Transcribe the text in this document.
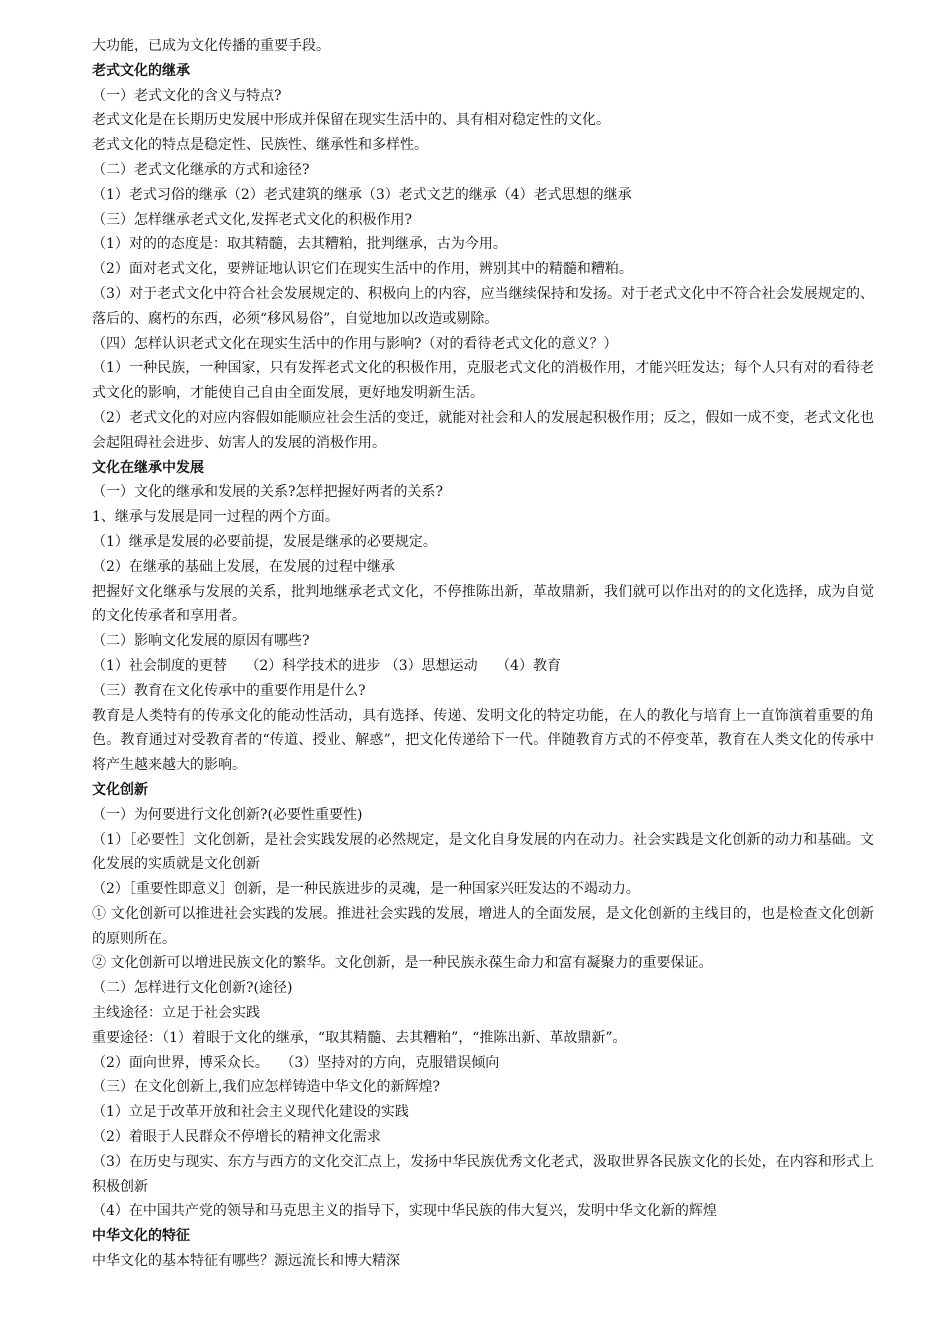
大功能，已成为文化传播的重要手段。

老式文化的继承

（一）老式文化的含义与特点?

老式文化是在长期历史发展中形成并保留在现实生活中的、具有相对稳定性的文化。

老式文化的特点是稳定性、民族性、继承性和多样性。

（二）老式文化继承的方式和途径?

（1）老式习俗的继承（2）老式建筑的继承（3）老式文艺的继承（4）老式思想的继承

（三）怎样继承老式文化,发挥老式文化的积极作用?

（1）对的的态度是：取其精髓，去其糟粕，批判继承，古为今用。

（2）面对老式文化，要辨证地认识它们在现实生活中的作用，辨别其中的精髓和糟粕。

（3）对于老式文化中符合社会发展规定的、积极向上的内容，应当继续保持和发扬。对于老式文化中不符合社会发展规定的、落后的、腐朽的东西，必须“移风易俗”，自觉地加以改造或剔除。

（四）怎样认识老式文化在现实生活中的作用与影响?（对的看待老式文化的意义？）

（1）一种民族，一种国家，只有发挥老式文化的积极作用，克服老式文化的消极作用，才能兴旺发达；每个人只有对的看待老式文化的影响，才能使自己自由全面发展，更好地发明新生活。

（2）老式文化的对应内容假如能顺应社会生活的变迁，就能对社会和人的发展起积极作用；反之，假如一成不变，老式文化也会起阻碍社会进步、妨害人的发展的消极作用。

文化在继承中发展

（一）文化的继承和发展的关系?怎样把握好两者的关系?

1、继承与发展是同一过程的两个方面。

（1）继承是发展的必要前提，发展是继承的必要规定。

（2）在继承的基础上发展，在发展的过程中继承

把握好文化继承与发展的关系，批判地继承老式文化，不停推陈出新，革故鼎新，我们就可以作出对的的文化选择，成为自觉的文化传承者和享用者。

（二）影响文化发展的原因有哪些?

（1）社会制度的更替　 （2）科学技术的进步 （3）思想运动　 （4）教育

（三）教育在文化传承中的重要作用是什么?

教育是人类特有的传承文化的能动性活动，具有选择、传递、发明文化的特定功能，在人的教化与培育上一直饰演着重要的角色。教育通过对受教育者的“传道、授业、解惑”，把文化传递给下一代。伴随教育方式的不停变革，教育在人类文化的传承中将产生越来越大的影响。

文化创新

（一）为何要进行文化创新?(必要性重要性)

（1）［必要性］文化创新，是社会实践发展的必然规定，是文化自身发展的内在动力。社会实践是文化创新的动力和基础。文化发展的实质就是文化创新

（2）［重要性即意义］创新，是一种民族进步的灵魂，是一种国家兴旺发达的不竭动力。

① 文化创新可以推进社会实践的发展。推进社会实践的发展，增进人的全面发展，是文化创新的主线目的，也是检查文化创新的原则所在。

② 文化创新可以增进民族文化的繁华。文化创新，是一种民族永葆生命力和富有凝聚力的重要保证。

（二）怎样进行文化创新?(途径)

主线途径：立足于社会实践

重要途径：（1）着眼于文化的继承，“取其精髓、去其糟粕”，“推陈出新、革故鼎新”。

（2）面向世界，博采众长。　 （3）坚持对的方向，克服错误倾向

（三）在文化创新上,我们应怎样铸造中华文化的新辉煌?

（1）立足于改革开放和社会主义现代化建设的实践

（2）着眼于人民群众不停增长的精神文化需求

（3）在历史与现实、东方与西方的文化交汇点上，发扬中华民族优秀文化老式，汲取世界各民族文化的长处，在内容和形式上积极创新

（4）在中国共产党的领导和马克思主义的指导下，实现中华民族的伟大复兴，发明中华文化新的辉煌

中华文化的特征

中华文化的基本特征有哪些？源远流长和博大精深
